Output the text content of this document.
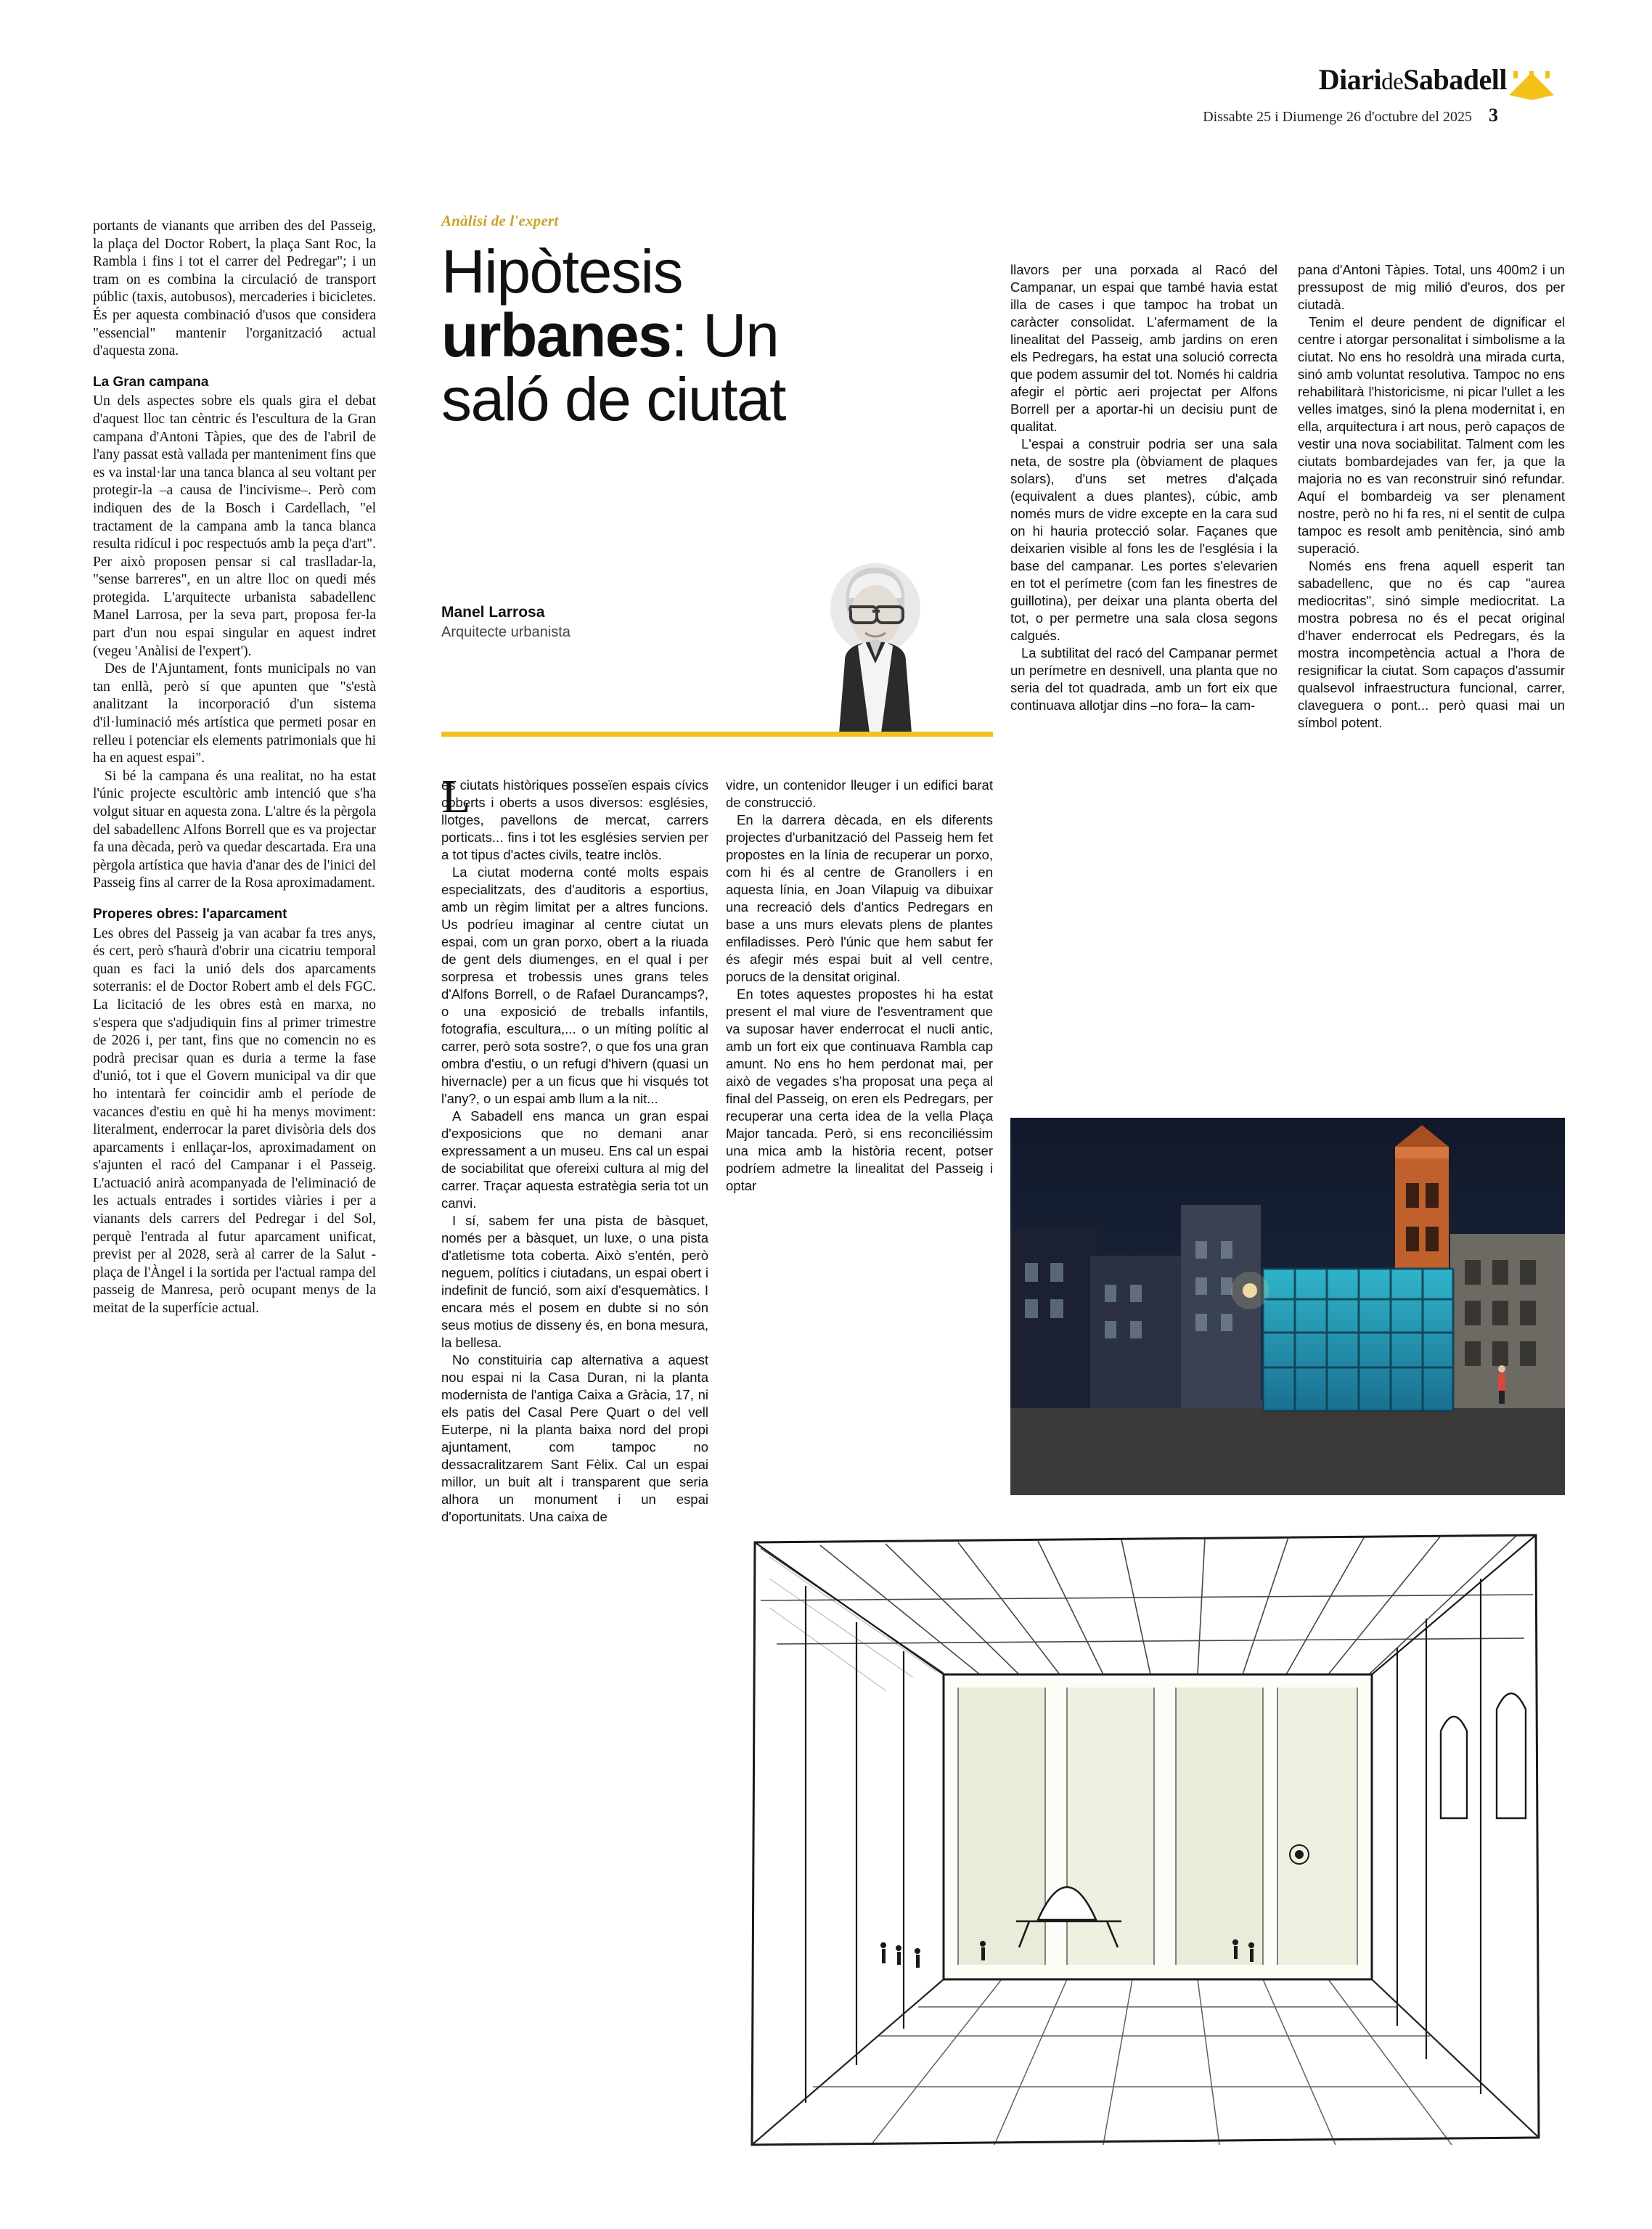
DiarideSabadell
Dissabte 25 i Diumenge 26 d'octubre del 2025 3

portants de vianants que arriben des del Passeig, la plaça del Doctor Robert, la plaça Sant Roc, la Rambla i fins i tot el carrer del Pedregar"; i un tram on es combina la circulació de transport públic (taxis, autobusos), mercaderies i bicicletes. És per aquesta combinació d'usos que considera "essencial" mantenir l'organització actual d'aquesta zona.

La Gran campana

Un dels aspectes sobre els quals gira el debat d'aquest lloc tan cèntric és l'escultura de la Gran campana d'Antoni Tàpies, que des de l'abril de l'any passat està vallada per manteniment fins que es va instal·lar una tanca blanca al seu voltant per protegir-la –a causa de l'incivisme–. Però com indiquen des de la Bosch i Cardellach, "el tractament de la campana amb la tanca blanca resulta ridícul i poc respectuós amb la peça d'art". Per això proposen pensar si cal traslladar-la, "sense barreres", en un altre lloc on quedi més protegida. L'arquitecte urbanista sabadellenc Manel Larrosa, per la seva part, proposa fer-la part d'un nou espai singular en aquest indret (vegeu 'Anàlisi de l'expert').

Des de l'Ajuntament, fonts municipals no van tan enllà, però sí que apunten que "s'està analitzant la incorporació d'un sistema d'il·luminació més artística que permeti posar en relleu i potenciar els elements patrimonials que hi ha en aquest espai".

Si bé la campana és una realitat, no ha estat l'únic projecte escultòric amb intenció que s'ha volgut situar en aquesta zona. L'altre és la pèrgola del sabadellenc Alfons Borrell que es va projectar fa una dècada, però va quedar descartada. Era una pèrgola artística que havia d'anar des de l'inici del Passeig fins al carrer de la Rosa aproximadament.

Properes obres: l'aparcament

Les obres del Passeig ja van acabar fa tres anys, és cert, però s'haurà d'obrir una cicatriu temporal quan es faci la unió dels dos aparcaments soterranis: el de Doctor Robert amb el dels FGC. La licitació de les obres està en marxa, no s'espera que s'adjudiquin fins al primer trimestre de 2026 i, per tant, fins que no comencin no es podrà precisar quan es duria a terme la fase d'unió, tot i que el Govern municipal va dir que ho intentarà fer coincidir amb el període de vacances d'estiu en què hi ha menys moviment: literalment, enderrocar la paret divisòria dels dos aparcaments i enllaçar-los, aproximadament on s'ajunten el racó del Campanar i el Passeig. L'actuació anirà acompanyada de l'eliminació de les actuals entrades i sortides viàries i per a vianants dels carrers del Pedregar i del Sol, perquè l'entrada al futur aparcament unificat, previst per al 2028, serà al carrer de la Salut - plaça de l'Àngel i la sortida per l'actual rampa del passeig de Manresa, però ocupant menys de la meitat de la superfície actual.

Anàlisi de l'expert
Hipòtesis
urbanes: Un
saló de ciutat
Manel Larrosa
Arquitecte urbanista
L

es ciutats històriques posseïen espais cívics coberts i oberts a usos diversos: esglésies, llotges, pavellons de mercat, carrers porticats... fins i tot les esglésies servien per a tot tipus d'actes civils, teatre inclòs.

La ciutat moderna conté molts espais especialitzats, des d'auditoris a esportius, amb un règim limitat per a altres funcions. Us podríeu imaginar al centre ciutat un espai, com un gran porxo, obert a la riuada de gent dels diumenges, en el qual i per sorpresa et trobessis unes grans teles d'Alfons Borrell, o de Rafael Durancamps?, o una exposició de treballs infantils, fotografia, escultura,... o un míting polític al carrer, però sota sostre?, o que fos una gran ombra d'estiu, o un refugi d'hivern (quasi un hivernacle) per a un ficus que hi visqués tot l'any?, o un espai amb llum a la nit...

A Sabadell ens manca un gran espai d'exposicions que no demani anar expressament a un museu. Ens cal un espai de sociabilitat que ofereixi cultura al mig del carrer. Traçar aquesta estratègia seria tot un canvi.

I sí, sabem fer una pista de bàsquet, només per a bàsquet, un luxe, o una pista d'atletisme tota coberta. Això s'entén, però neguem, polítics i ciutadans, un espai obert i indefinit de funció, som així d'esquemàtics. I encara més el posem en dubte si no són seus motius de disseny és, en bona mesura, la bellesa.

No constituiria cap alternativa a aquest nou espai ni la Casa Duran, ni la planta modernista de l'antiga Caixa a Gràcia, 17, ni els patis del Casal Pere Quart o del vell Euterpe, ni la planta baixa nord del propi ajuntament, com tampoc no dessacralitzarem Sant Fèlix. Cal un espai millor, un buit alt i transparent que seria alhora un monument i un espai d'oportunitats. Una caixa de

vidre, un contenidor lleuger i un edifici barat de construcció.

En la darrera dècada, en els diferents projectes d'urbanització del Passeig hem fet propostes en la línia de recuperar un porxo, com hi és al centre de Granollers i en aquesta línia, en Joan Vilapuig va dibuixar una recreació dels d'antics Pedregars en base a uns murs elevats plens de plantes enfiladisses. Però l'únic que hem sabut fer és afegir més espai buit al vell centre, porucs de la densitat original.

En totes aquestes propostes hi ha estat present el mal viure de l'esventrament que va suposar haver enderrocat el nucli antic, amb un fort eix que continuava Rambla cap amunt. No ens ho hem perdonat mai, per això de vegades s'ha proposat una peça al final del Passeig, on eren els Pedregars, per recuperar una certa idea de la vella Plaça Major tancada. Però, si ens reconciliéssim una mica amb la història recent, potser podríem admetre la linealitat del Passeig i optar

llavors per una porxada al Racó del Campanar, un espai que també havia estat illa de cases i que tampoc ha trobat un caràcter consolidat. L'afermament de la linealitat del Passeig, amb jardins on eren els Pedregars, ha estat una solució correcta que podem assumir del tot. Només hi caldria afegir el pòrtic aeri projectat per Alfons Borrell per a aportar-hi un decisiu punt de qualitat.

L'espai a construir podria ser una sala neta, de sostre pla (òbviament de plaques solars), d'uns set metres d'alçada (equivalent a dues plantes), cúbic, amb només murs de vidre excepte en la cara sud on hi hauria protecció solar. Façanes que deixarien visible al fons les de l'església i la base del campanar. Les portes s'elevarien en tot el perímetre (com fan les finestres de guillotina), per deixar una planta oberta del tot, o per permetre una sala closa segons calgués.

La subtilitat del racó del Campanar permet un perímetre en desnivell, una planta que no seria del tot quadrada, amb un fort eix que continuava allotjar dins –no fora– la cam-

pana d'Antoni Tàpies. Total, uns 400m2 i un pressupost de mig milió d'euros, dos per ciutadà.

Tenim el deure pendent de dignificar el centre i atorgar personalitat i simbolisme a la ciutat. No ens ho resoldrà una mirada curta, sinó amb voluntat resolutiva. Tampoc no ens rehabilitarà l'historicisme, ni picar l'ullet a les velles imatges, sinó la plena modernitat i, en ella, arquitectura i art nous, però capaços de vestir una nova sociabilitat. Talment com les ciutats bombardejades van fer, ja que la majoria no es van reconstruir sinó refundar. Aquí el bombardeig va ser plenament nostre, però no hi fa res, ni el sentit de culpa tampoc es resolt amb penitència, sinó amb superació.

Només ens frena aquell esperit tan sabadellenc, que no és cap "aurea mediocritas", sinó simple mediocritat. La mostra pobresa no és el pecat original d'haver enderrocat els Pedregars, és la mostra incompetència actual a l'hora de resignificar la ciutat. Som capaços d'assumir qualsevol infraestructura funcional, carrer, claveguera o pont... però quasi mai un símbol potent.
